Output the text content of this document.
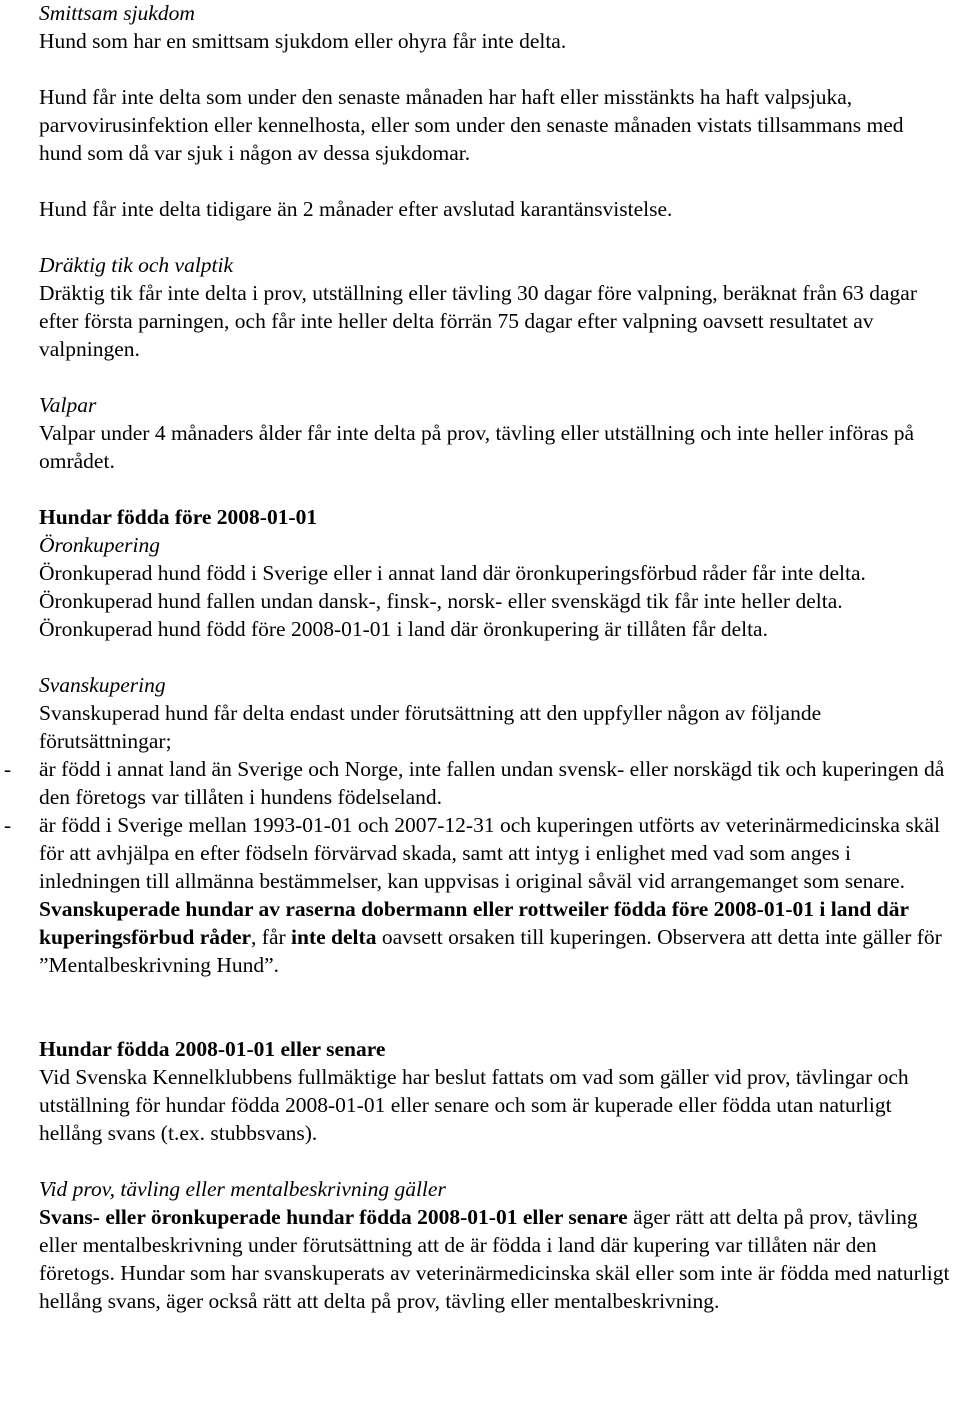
Smittsam sjukdom

Hund som har en smittsam sjukdom eller ohyra får inte delta.

Hund får inte delta som under den senaste månaden har haft eller misstänkts ha haft valpsjuka, parvovirusinfektion eller kennelhosta, eller som under den senaste månaden vistats tillsammans med hund som då var sjuk i någon av dessa sjukdomar.

Hund får inte delta tidigare än 2 månader efter avslutad karantänsvistelse.

Dräktig tik och valptik

Dräktig tik får inte delta i prov, utställning eller tävling 30 dagar före valpning, beräknat från 63 dagar efter första parningen, och får inte heller delta förrän 75 dagar efter valpning oavsett resultatet av valpningen.

Valpar

Valpar under 4 månaders ålder får inte delta på prov, tävling eller utställning och inte heller införas på området.

Hundar födda före 2008-01-01

Öronkupering

Öronkuperad hund född i Sverige eller i annat land där öronkuperingsförbud råder får inte delta. Öronkuperad hund fallen undan dansk-, finsk-, norsk- eller svenskägd tik får inte heller delta. Öronkuperad hund född före 2008-01-01 i land där öronkupering är tillåten får delta.

Svanskupering

Svanskuperad hund får delta endast under förutsättning att den uppfyller någon av följande förutsättningar;

- är född i annat land än Sverige och Norge, inte fallen undan svensk- eller norskägd tik och kuperingen då den företogs var tillåten i hundens födelseland.
- är född i Sverige mellan 1993-01-01 och 2007-12-31 och kuperingen utförts av veterinärmedicinska skäl för att avhjälpa en efter födseln förvärvad skada, samt att intyg i enlighet med vad som anges i inledningen till allmänna bestämmelser, kan uppvisas i original såväl vid arrangemanget som senare.

Svanskuperade hundar av raserna dobermann eller rottweiler födda före 2008-01-01 i land där kuperingsförbud råder, får inte delta oavsett orsaken till kuperingen. Observera att detta inte gäller för ”Mentalbeskrivning Hund”.

Hundar födda 2008-01-01 eller senare

Vid Svenska Kennelklubbens fullmäktige har beslut fattats om vad som gäller vid prov, tävlingar och utställning för hundar födda 2008-01-01 eller senare och som är kuperade eller födda utan naturligt hellång svans (t.ex. stubbsvans).

Vid prov, tävling eller mentalbeskrivning gäller

Svans- eller öronkuperade hundar födda 2008-01-01 eller senare äger rätt att delta på prov, tävling eller mentalbeskrivning under förutsättning att de är födda i land där kupering var tillåten när den företogs. Hundar som har svanskuperats av veterinärmedicinska skäl eller som inte är födda med naturligt hellång svans, äger också rätt att delta på prov, tävling eller mentalbeskrivning.
